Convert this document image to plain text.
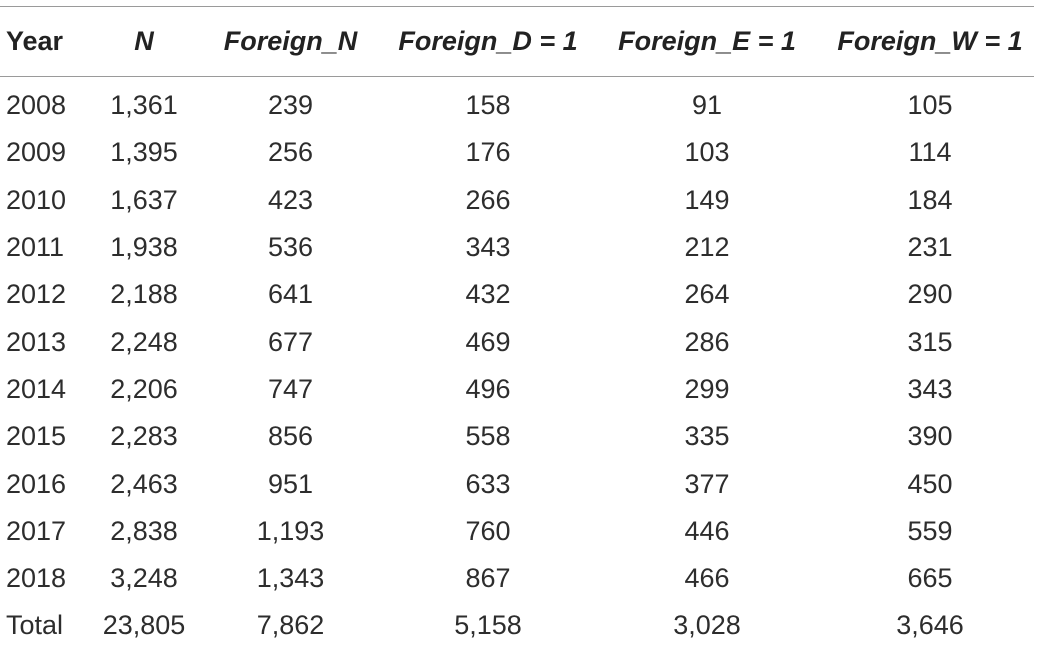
Year	N	Foreign_N	Foreign_D = 1	Foreign_E = 1	Foreign_W = 1
2008	1,361	239	158	91	105
2009	1,395	256	176	103	114
2010	1,637	423	266	149	184
2011	1,938	536	343	212	231
2012	2,188	641	432	264	290
2013	2,248	677	469	286	315
2014	2,206	747	496	299	343
2015	2,283	856	558	335	390
2016	2,463	951	633	377	450
2017	2,838	1,193	760	446	559
2018	3,248	1,343	867	466	665
Total	23,805	7,862	5,158	3,028	3,646
